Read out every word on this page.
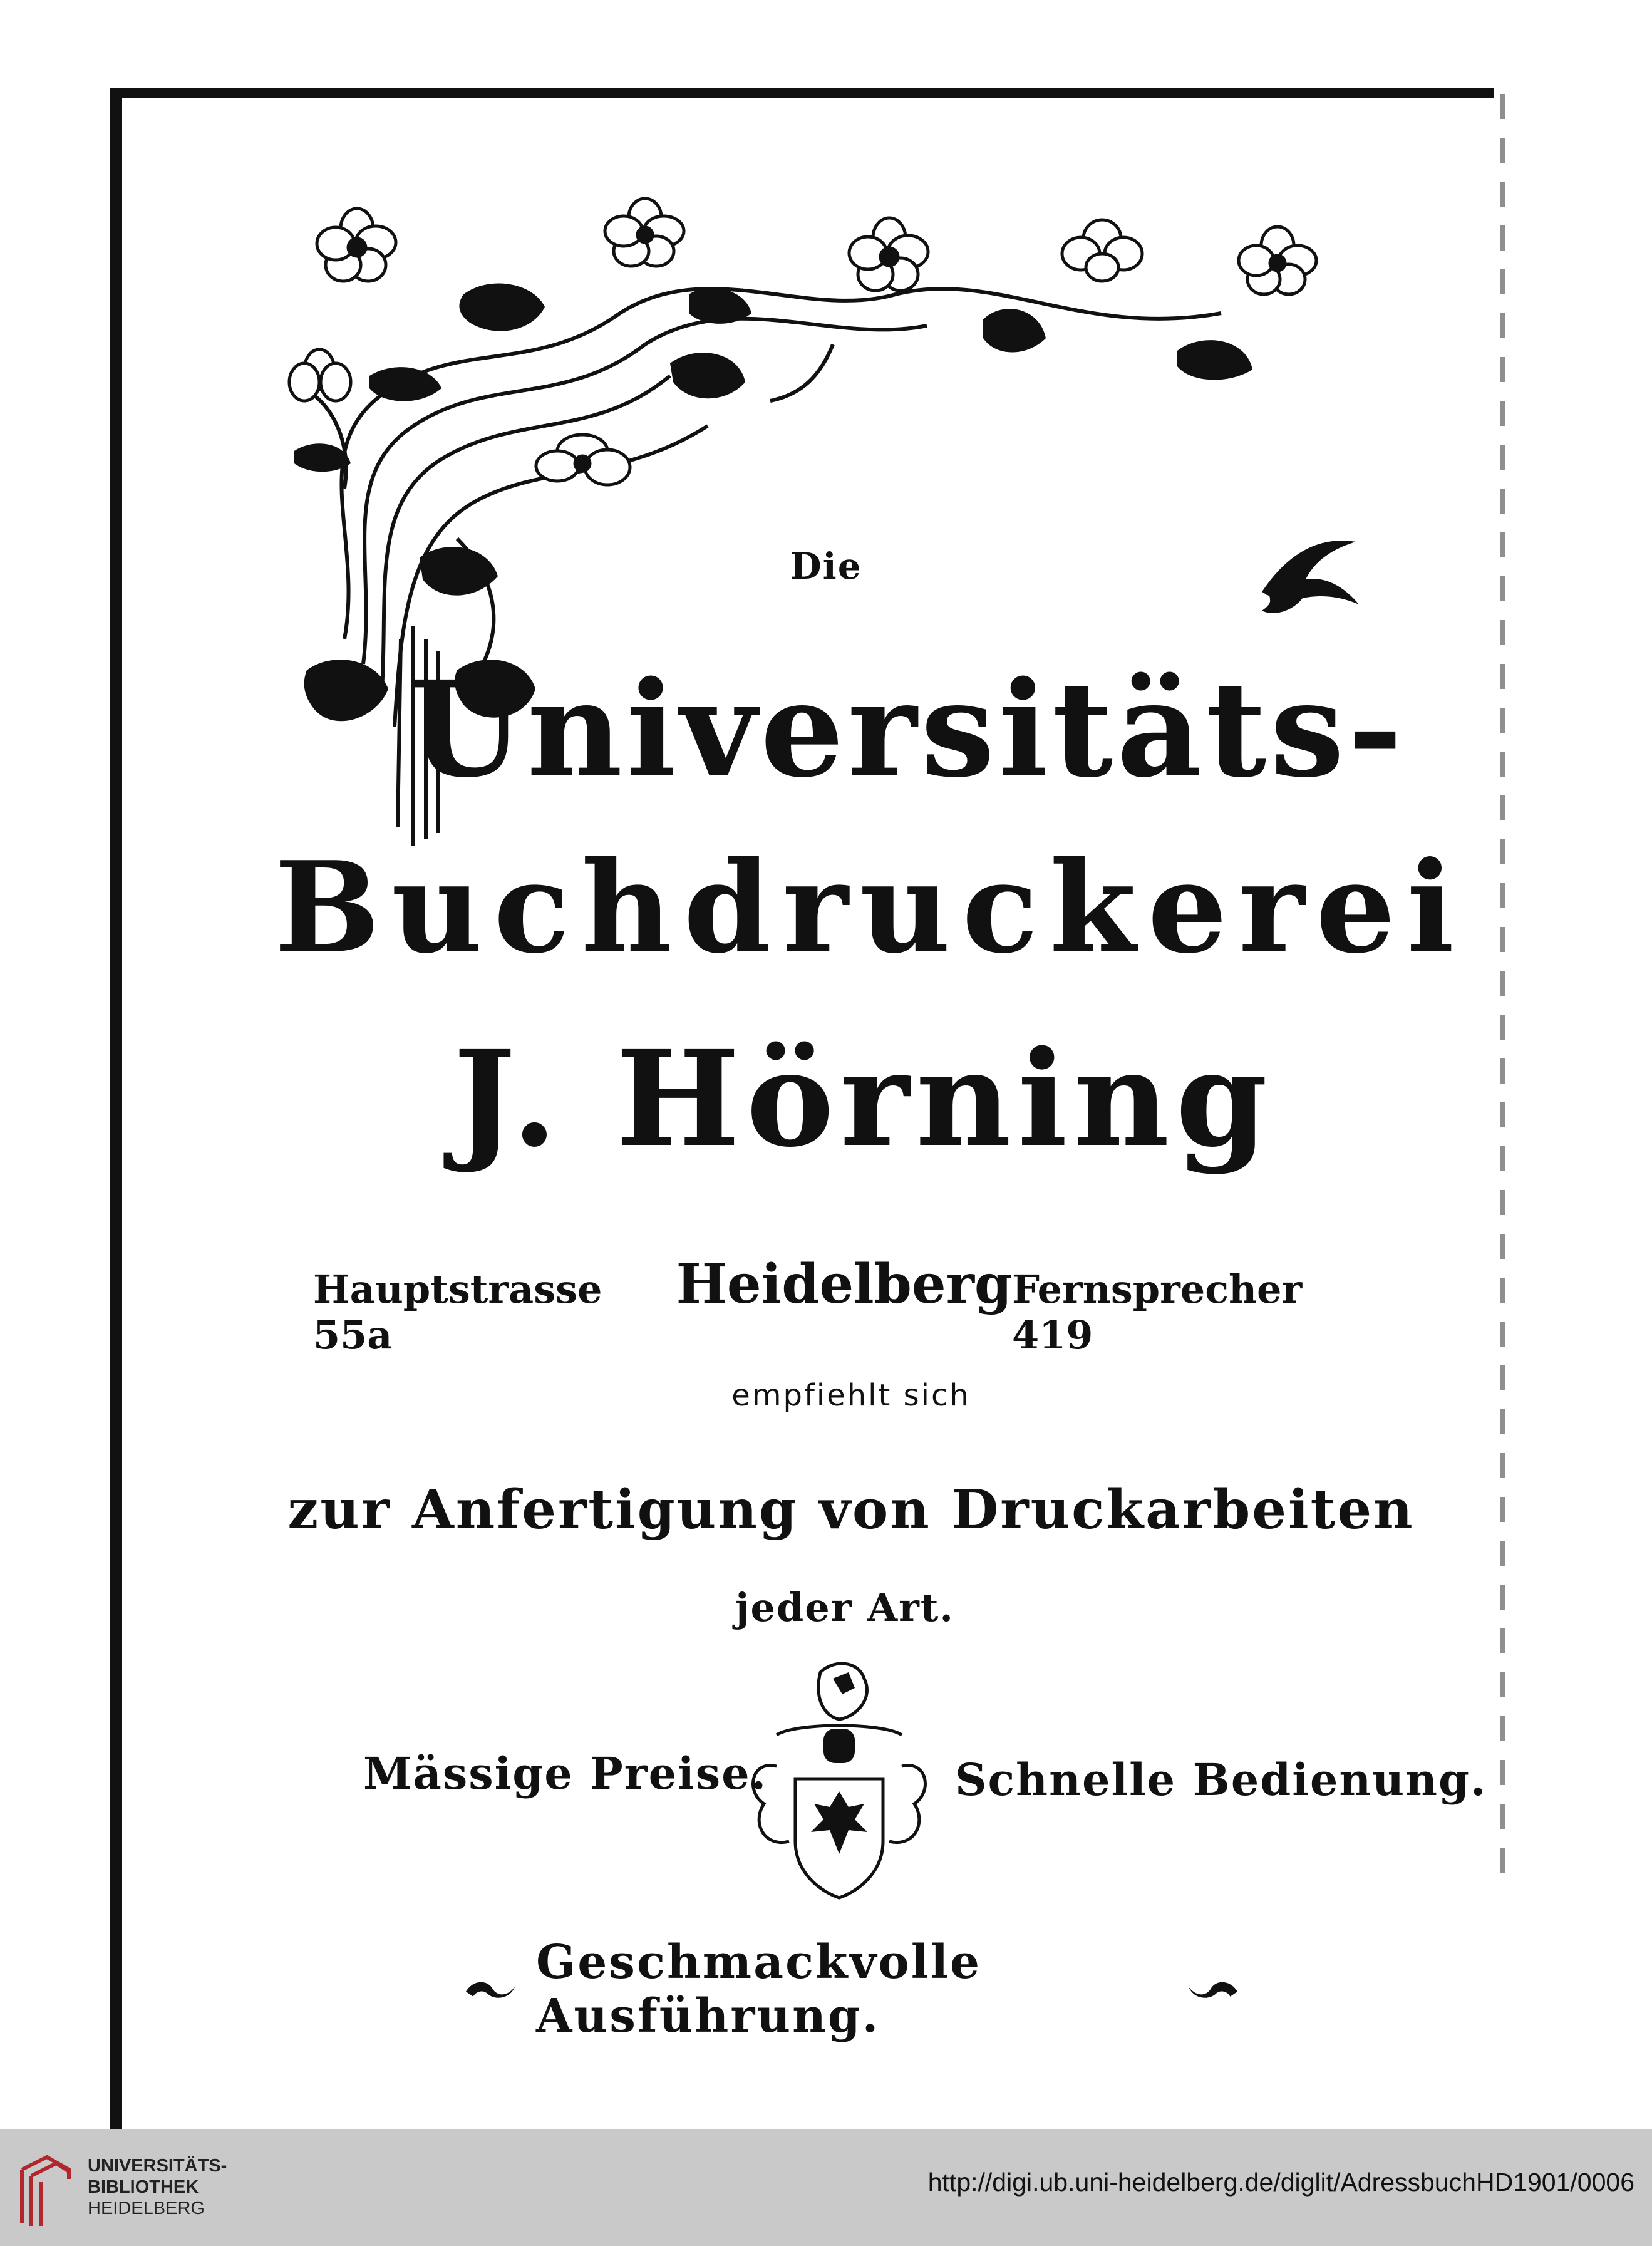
Die
Universitäts-
Buchdruckerei
J. Hörning
Hauptstrasse 55a
Heidelberg Fernsprecher 419
empfiehlt sich
zur Anfertigung von Druckarbeiten
jeder Art.
Mässige Preise.	Schnelle Bedienung.
Geschmackvolle Ausführung.
UNIVERSITÄTS-
BIBLIOTHEK
HEIDELBERG
http://digi.ub.uni-heidelberg.de/diglit/AdressbuchHD1901/0006
